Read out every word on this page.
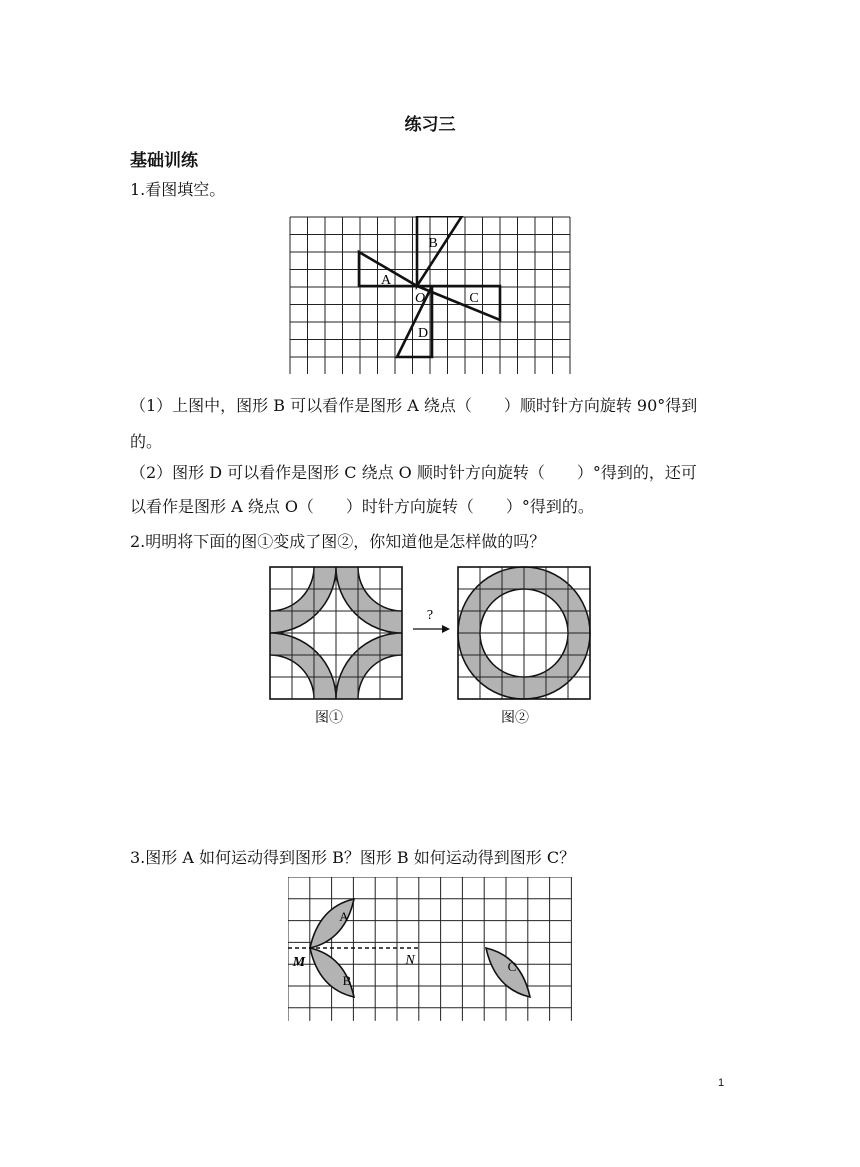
练习三
基础训练
1.看图填空。
B
A
O	C
D
（1）上图中，图形 B 可以看作是图形 A 绕点（　　）顺时针方向旋转 90°得到
的。
（2）图形 D 可以看作是图形 C 绕点 O 顺时针方向旋转（　　）°得到的，还可
以看作是图形 A 绕点 O（　　）时针方向旋转（　　）°得到的。
2.明明将下面的图①变成了图②，你知道他是怎样做的吗？
?
图①	图②
3.图形 A 如何运动得到图形 B？图形 B 如何运动得到图形 C？
A
B
C
M	N
1
